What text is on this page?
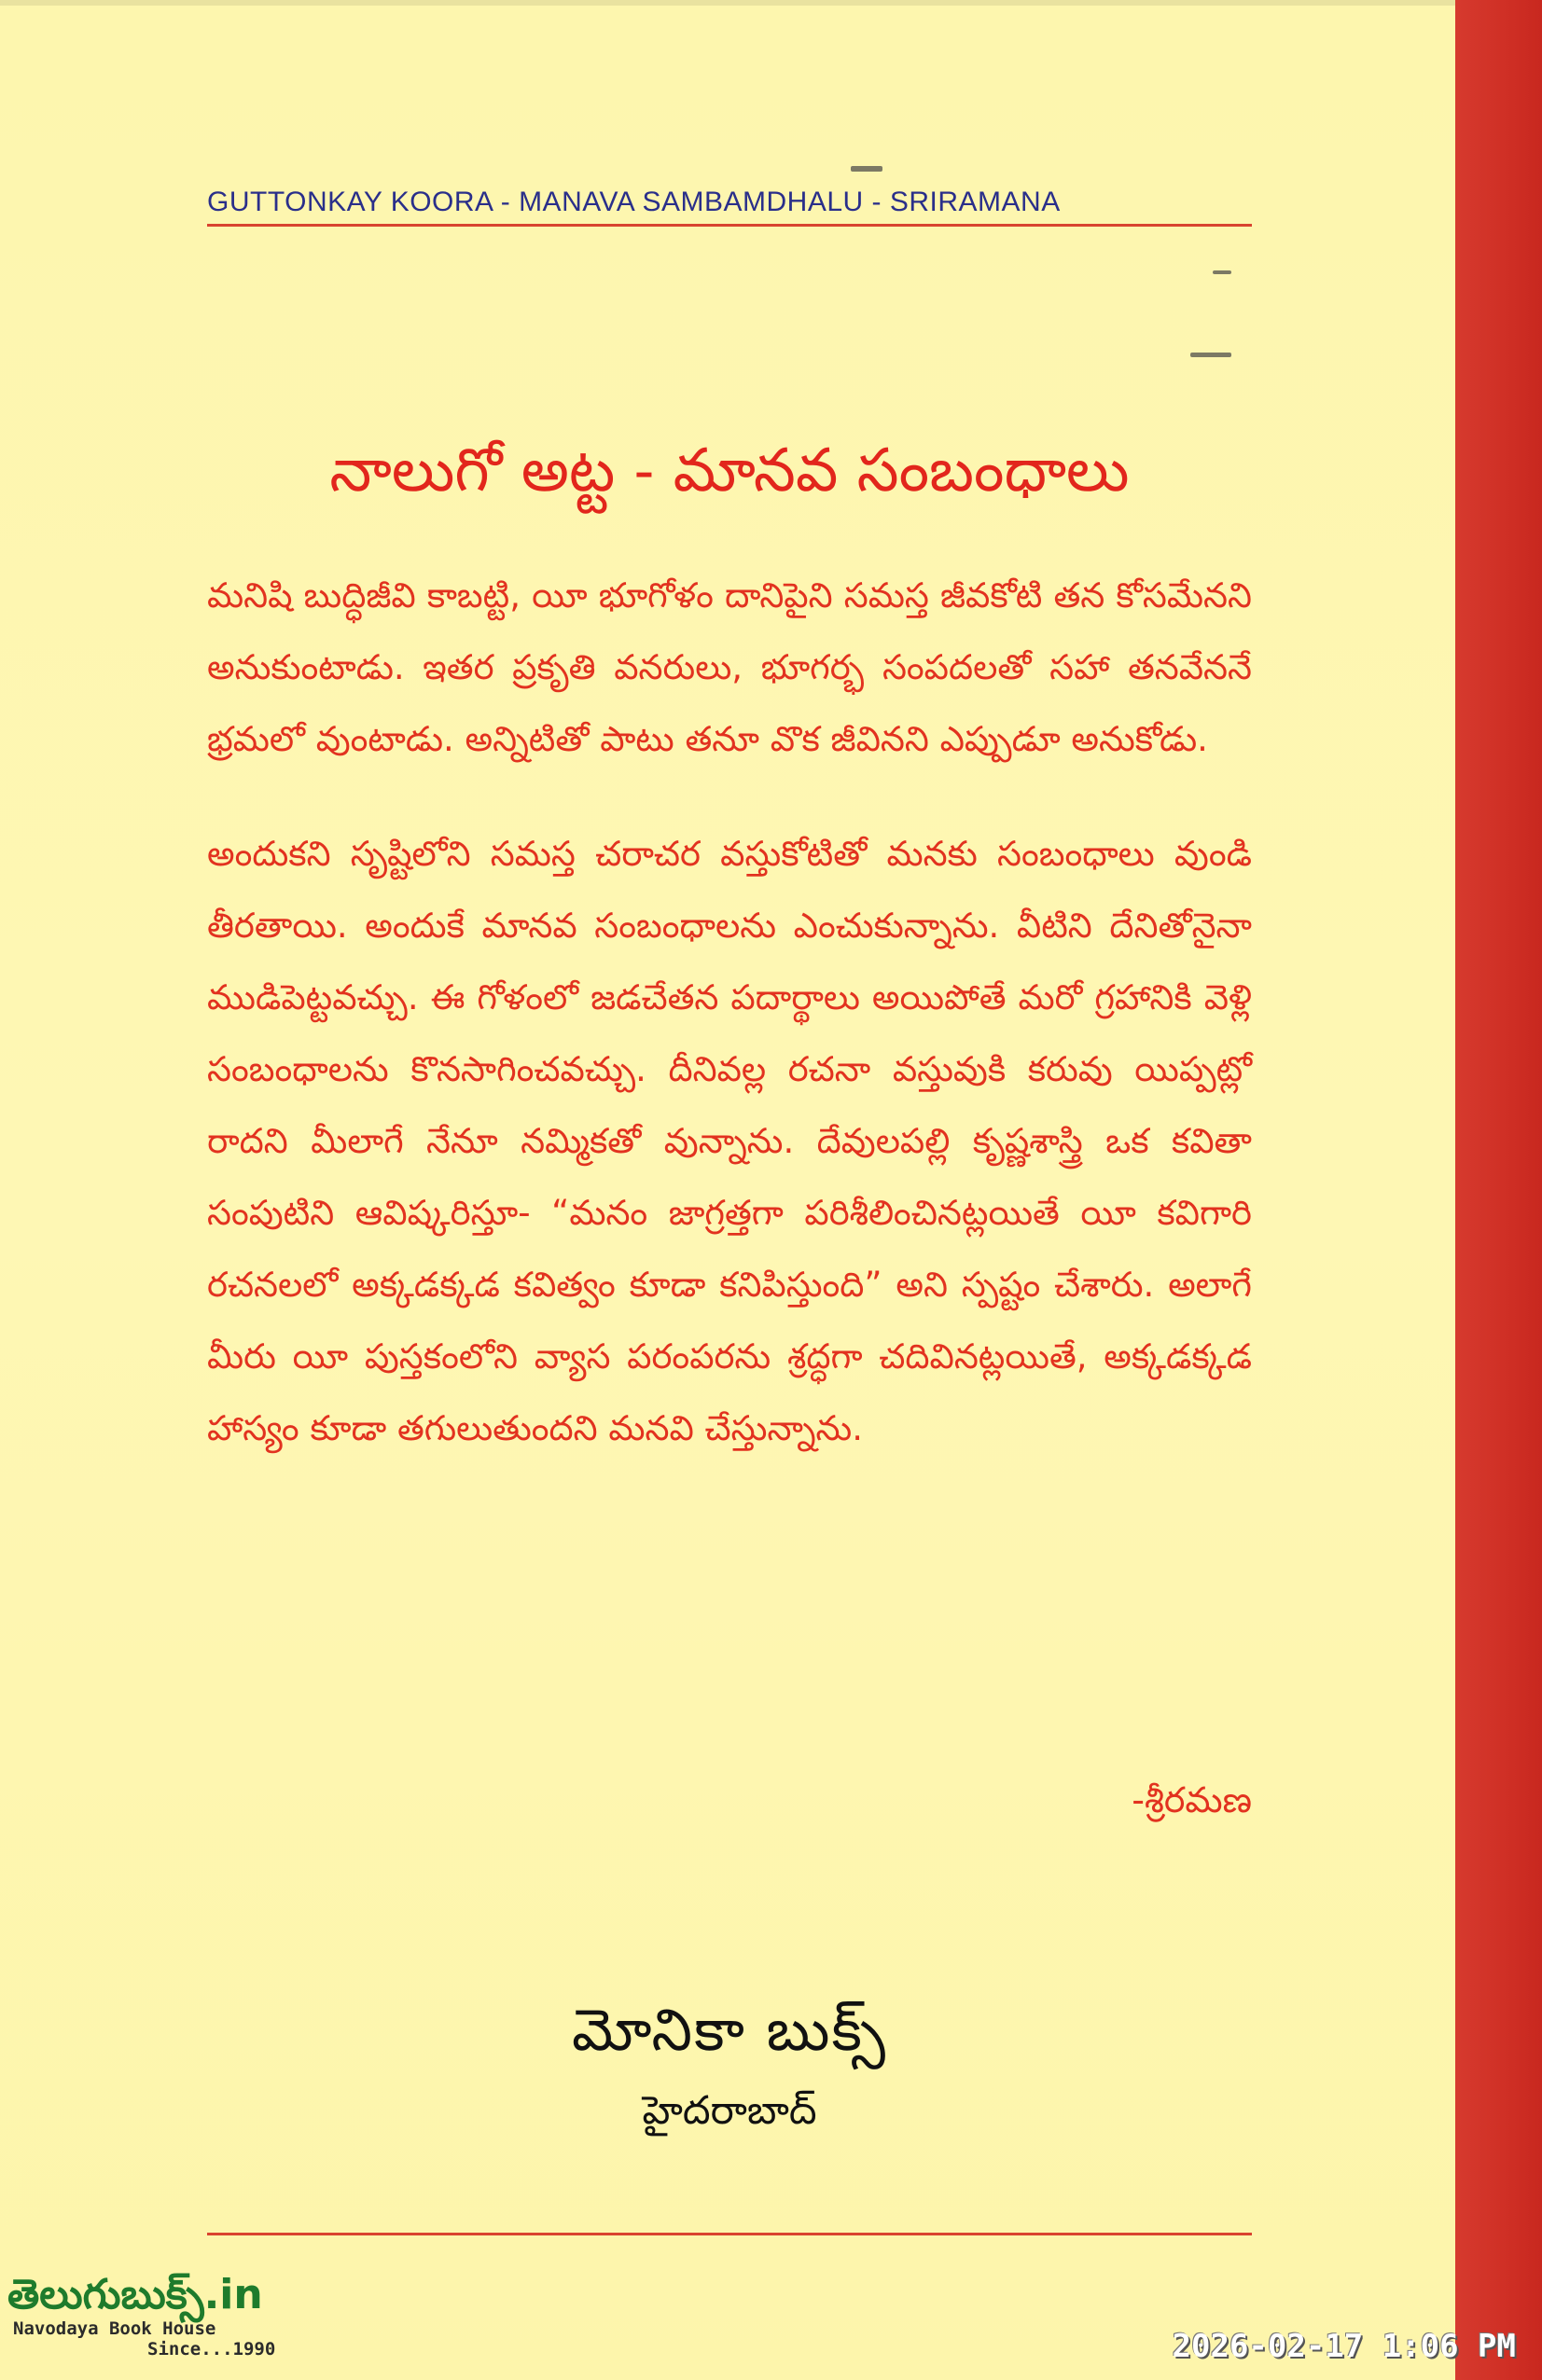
GUTTONKAY KOORA - MANAVA SAMBAMDHALU - SRIRAMANA
నాలుగో అట్ట - మానవ సంబంధాలు

మనిషి బుద్ధిజీవి కాబట్టి, యీ భూగోళం దానిపైని సమస్త జీవకోటి తన కోసమేనని అనుకుంటాడు. ఇతర ప్రకృతి వనరులు, భూగర్భ సంపదలతో సహా తనవేననే భ్రమలో వుంటాడు. అన్నిటితో పాటు తనూ వొక జీవినని ఎప్పుడూ అనుకోడు.

అందుకని సృష్టిలోని సమస్త చరాచర వస్తుకోటితో మనకు సంబంధాలు వుండి తీరతాయి. అందుకే మానవ సంబంధాలను ఎంచుకున్నాను. వీటిని దేనితోనైనా ముడిపెట్టవచ్చు. ఈ గోళంలో జడచేతన పదార్థాలు అయిపోతే మరో గ్రహానికి వెళ్లి సంబంధాలను కొనసాగించవచ్చు. దీనివల్ల రచనా వస్తువుకి కరువు యిప్పట్లో రాదని మీలాగే నేనూ నమ్మికతో వున్నాను. దేవులపల్లి కృష్ణశాస్త్రి ఒక కవితా సంపుటిని ఆవిష్కరిస్తూ- “మనం జాగ్రత్తగా పరిశీలించినట్లయితే యీ కవిగారి రచనలలో అక్కడక్కడ కవిత్వం కూడా కనిపిస్తుంది” అని స్పష్టం చేశారు. అలాగే మీరు యీ పుస్తకంలోని వ్యాస పరంపరను శ్రద్ధగా చదివినట్లయితే, అక్కడక్కడ హాస్యం కూడా తగులుతుందని మనవి చేస్తున్నాను.

-శ్రీరమణ
మోనికా బుక్స్
హైదరాబాద్
తెలుగుబుక్స్.in
Navodaya Book House
Since...1990	2026-02-17 1:06 PM
